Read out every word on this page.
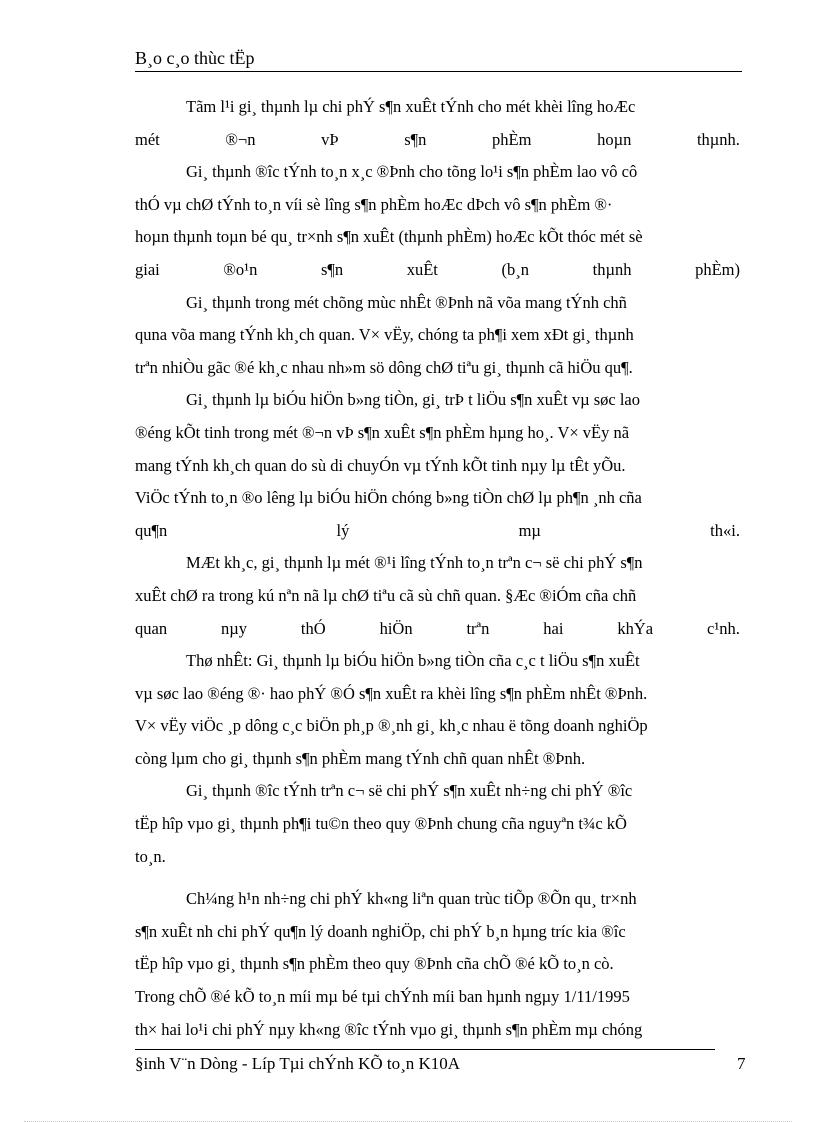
B¸o c¸o thùc tËp
Tãm l¹i gi¸ thµnh lµ chi phÝ s¶n xuÊt tÝnh cho mét khèi lîng hoÆc
mét	®¬n	vÞ	s¶n	phÈm	hoµn	thµnh.
Gi¸ thµnh ®îc tÝnh to¸n x¸c ®Þnh cho tõng lo¹i s¶n phÈm lao vô cô
thÓ vµ chØ tÝnh to¸n víi sè lîng s¶n phÈm hoÆc dÞch vô s¶n phÈm ®·
hoµn thµnh toµn bé qu¸ tr×nh s¶n xuÊt (thµnh phÈm) hoÆc kÕt thóc mét sè
giai	®o¹n	s¶n	xuÊt	(b¸n	thµnh	phÈm)
Gi¸ thµnh trong mét chõng mùc nhÊt ®Þnh nã võa mang tÝnh chñ
quna võa mang tÝnh kh¸ch quan. V× vËy, chóng ta ph¶i xem xÐt gi¸ thµnh
trªn nhiÒu gãc ®é kh¸c nhau nh»m sö dông chØ tiªu gi¸ thµnh cã hiÖu qu¶.
Gi¸ thµnh lµ biÓu hiÖn b»ng tiÒn, gi¸ trÞ t liÖu s¶n xuÊt vµ søc lao
®éng kÕt tinh trong mét ®¬n vÞ s¶n xuÊt s¶n phÈm hµng ho¸. V× vËy nã
mang tÝnh kh¸ch quan do sù di chuyÓn vµ tÝnh kÕt tinh nµy lµ tÊt yÕu.
ViÖc tÝnh to¸n ®o lêng lµ biÓu hiÖn chóng b»ng tiÒn chØ lµ ph¶n ¸nh cña
qu¶n	lý	mµ	th«i.
MÆt kh¸c, gi¸ thµnh lµ mét ®¹i lîng tÝnh to¸n trªn c¬ së chi phÝ s¶n
xuÊt chØ ra trong kú nªn nã lµ chØ tiªu cã sù chñ quan. §Æc ®iÓm cña chñ
quan	nµy	thÓ	hiÖn	trªn	hai	khÝa	c¹nh.
Thø nhÊt: Gi¸ thµnh lµ biÓu hiÖn b»ng tiÒn cña c¸c t liÖu s¶n xuÊt
vµ søc lao ®éng ®· hao phÝ ®Ó s¶n xuÊt ra khèi lîng s¶n phÈm nhÊt ®Þnh.
V× vËy viÖc ¸p dông c¸c biÖn ph¸p ®¸nh gi¸ kh¸c nhau ë tõng doanh nghiÖp
còng lµm cho gi¸ thµnh s¶n phÈm mang tÝnh chñ quan nhÊt ®Þnh.
Gi¸ thµnh ®îc tÝnh trªn c¬ së chi phÝ s¶n xuÊt nh÷ng chi phÝ ®îc
tËp hîp vµo gi¸ thµnh ph¶i tu©n theo quy ®Þnh chung cña nguyªn t¾c kÕ
to¸n.
Ch¼ng h¹n nh÷ng chi phÝ kh«ng liªn quan trùc tiÕp ®Õn qu¸ tr×nh
s¶n xuÊt nh chi phÝ qu¶n lý doanh nghiÖp, chi phÝ b¸n hµng tríc kia ®îc
tËp hîp vµo gi¸ thµnh s¶n phÈm theo quy ®Þnh cña chÕ ®é kÕ to¸n cò.
Trong chÕ ®é kÕ to¸n míi mµ bé tµi chÝnh míi ban hµnh ngµy 1/11/1995
th× hai lo¹i chi phÝ nµy kh«ng ®îc tÝnh vµo gi¸ thµnh s¶n phÈm mµ chóng
§inh V¨n Dòng - Líp Tµi chÝnh KÕ to¸n K10A	7
